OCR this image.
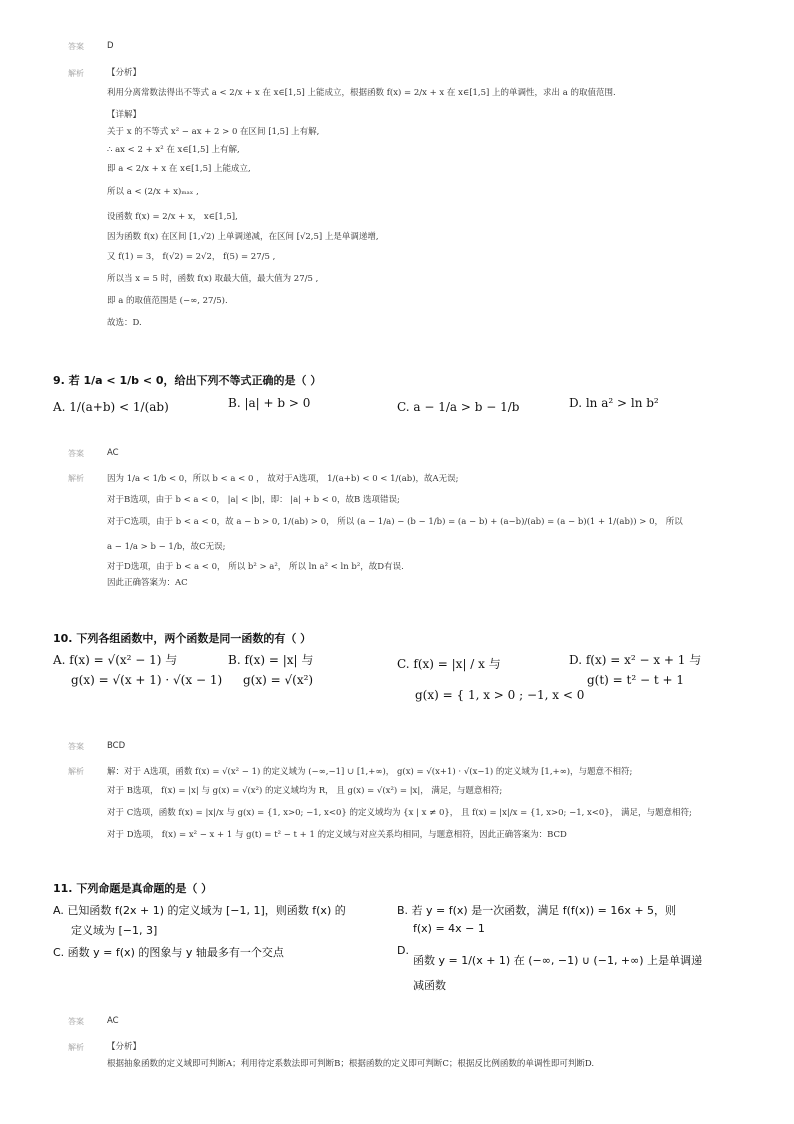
答案	D
解析	【分析】
利用分离常数法得出不等式 a < 2/x + x 在 x∈[1,5] 上能成立，根据函数 f(x) = 2/x + x 在 x∈[1,5] 上的单调性，求出 a 的取值范围.
【详解】
关于 x 的不等式 x² − ax + 2 > 0 在区间 [1,5] 上有解,
∴ ax < 2 + x² 在 x∈[1,5] 上有解,
即 a < 2/x + x 在 x∈[1,5] 上能成立,
所以 a < (2/x + x)ₘₐₓ ,
设函数 f(x) = 2/x + x， x∈[1,5],
因为函数 f(x) 在区间 [1,√2) 上单调递减，在区间 [√2,5] 上是单调递增,
又 f(1) = 3， f(√2) = 2√2， f(5) = 27/5 ,
所以当 x = 5 时，函数 f(x) 取最大值，最大值为 27/5 ,
即 a 的取值范围是 (−∞, 27/5).
故选：D.
9. 若 1/a < 1/b < 0，给出下列不等式正确的是（ ）
A. 1/(a+b) < 1/(ab)	B. |a| + b > 0	C. a − 1/a > b − 1/b	D. ln a² > ln b²
答案	AC
解析	因为 1/a < 1/b < 0，所以 b < a < 0 ， 故对于A选项， 1/(a+b) < 0 < 1/(ab)，故A无误;
对于B选项，由于 b < a < 0， |a| < |b|，即： |a| + b < 0，故B 选项错误;
对于C选项，由于 b < a < 0，故 a − b > 0, 1/(ab) > 0， 所以 (a − 1/a) − (b − 1/b) = (a − b) + (a−b)/(ab) = (a − b)(1 + 1/(ab)) > 0， 所以
a − 1/a > b − 1/b，故C无误;
对于D选项，由于 b < a < 0， 所以 b² > a²， 所以 ln a² < ln b²，故D有误.
因此正确答案为：AC
10. 下列各组函数中，两个函数是同一函数的有（ ）
A. f(x) = √(x² − 1) 与
g(x) = √(x + 1) · √(x − 1)
B. f(x) = |x| 与
g(x) = √(x²)
C. f(x) = |x| / x 与
g(x) = { 1, x > 0 ; −1, x < 0
D. f(x) = x² − x + 1 与
g(t) = t² − t + 1
答案	BCD
解析	解：对于 A选项，函数 f(x) = √(x² − 1) 的定义域为 (−∞,−1] ∪ [1,+∞)， g(x) = √(x+1) · √(x−1) 的定义域为 [1,+∞)，与题意不相符;
对于 B选项， f(x) = |x| 与 g(x) = √(x²) 的定义域均为 R， 且 g(x) = √(x²) = |x|， 满足，与题意相符;
对于 C选项，函数 f(x) = |x|/x 与 g(x) = {1, x>0; −1, x<0} 的定义域均为 {x | x ≠ 0}， 且 f(x) = |x|/x = {1, x>0; −1, x<0}， 满足，与题意相符;
对于 D选项， f(x) = x² − x + 1 与 g(t) = t² − t + 1 的定义域与对应关系均相同，与题意相符，因此正确答案为：BCD
11. 下列命题是真命题的是（ ）
A. 已知函数 f(2x + 1) 的定义域为 [−1, 1]，则函数 f(x) 的
定义域为 [−1, 3]
C. 函数 y = f(x) 的图象与 y 轴最多有一个交点
B. 若 y = f(x) 是一次函数，满足 f(f(x)) = 16x + 5，则
f(x) = 4x − 1
D.
函数 y = 1/(x + 1) 在 (−∞, −1) ∪ (−1, +∞) 上是单调递
减函数
答案	AC
解析	【分析】
根据抽象函数的定义域即可判断A；利用待定系数法即可判断B；根据函数的定义即可判断C；根据反比例函数的单调性即可判断D.
